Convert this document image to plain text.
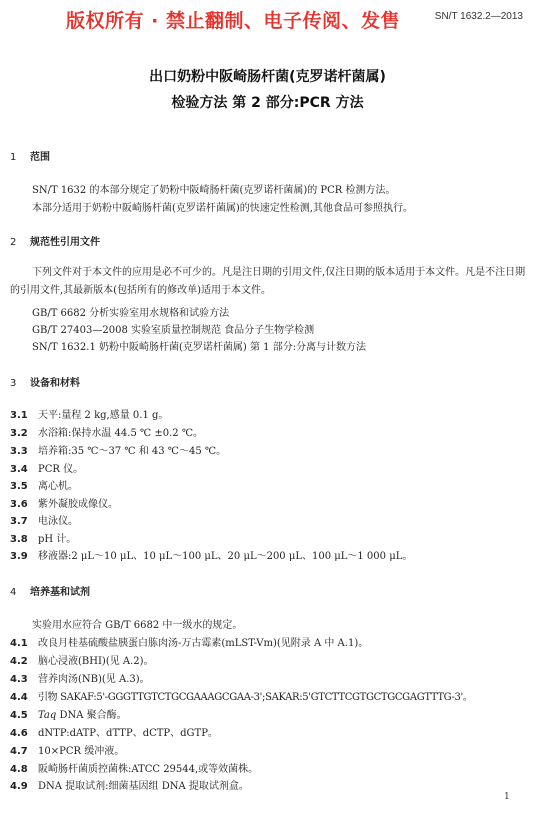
版权所有 · 禁止翻制、电子传阅、发售	SN/T 1632.2—2013
出口奶粉中阪崎肠杆菌(克罗诺杆菌属)
检验方法 第 2 部分:PCR 方法
1 范围
SN/T 1632 的本部分规定了奶粉中阪崎肠杆菌(克罗诺杆菌属)的 PCR 检测方法。
本部分适用于奶粉中阪崎肠杆菌(克罗诺杆菌属)的快速定性检测,其他食品可参照执行。
2 规范性引用文件
下列文件对于本文件的应用是必不可少的。凡是注日期的引用文件,仅注日期的版本适用于本文件。凡是不注日期的引用文件,其最新版本(包括所有的修改单)适用于本文件。
GB/T 6682 分析实验室用水规格和试验方法
GB/T 27403—2008 实验室质量控制规范 食品分子生物学检测
SN/T 1632.1 奶粉中阪崎肠杆菌(克罗诺杆菌属) 第 1 部分:分离与计数方法
3 设备和材料
3.1 天平:量程 2 kg,感量 0.1 g。
3.2 水浴箱:保持水温 44.5 ℃ ±0.2 ℃。
3.3 培养箱:35 ℃～37 ℃ 和 43 ℃～45 ℃。
3.4 PCR 仪。
3.5 离心机。
3.6 紫外凝胶成像仪。
3.7 电泳仪。
3.8 pH 计。
3.9 移液器:2 μL～10 μL、10 μL～100 μL、20 μL～200 μL、100 μL～1 000 μL。
4 培养基和试剂
实验用水应符合 GB/T 6682 中一级水的规定。
4.1 改良月桂基硫酸盐胰蛋白胨肉汤-万古霉素(mLST-Vm)(见附录 A 中 A.1)。
4.2 脑心浸液(BHI)(见 A.2)。
4.3 营养肉汤(NB)(见 A.3)。
4.4 引物 SAKAF:5'-GGGTTGTCTGCGAAAGCGAA-3';SAKAR:5'GTCTTCGTGCTGCGAGTTTG-3'。
4.5 Taq DNA 聚合酶。
4.6 dNTP:dATP、dTTP、dCTP、dGTP。
4.7 10×PCR 缓冲液。
4.8 阪崎肠杆菌质控菌株:ATCC 29544,或等效菌株。
4.9 DNA 提取试剂:细菌基因组 DNA 提取试剂盒。
1
